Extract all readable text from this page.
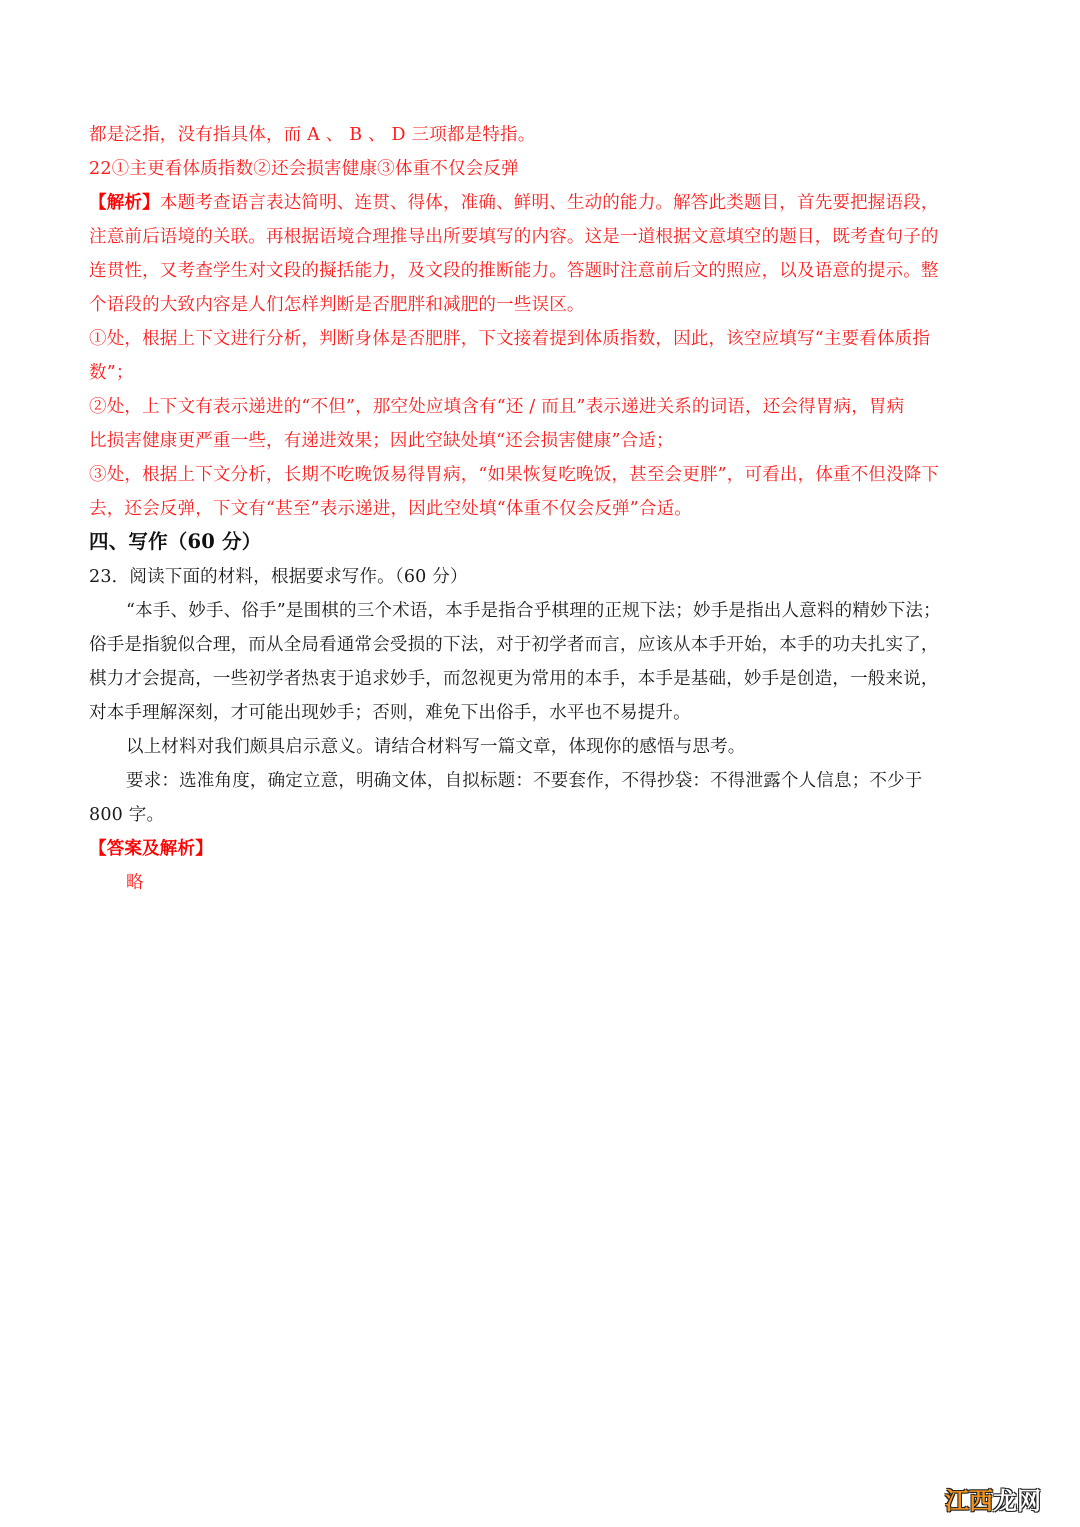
都是泛指，没有指具体，而 A 、 B 、 D 三项都是特指。
22①主更看体质指数②还会损害健康③体重不仅会反弹
【解析】本题考查语言表达简明、连贯、得体，准确、鲜明、生动的能力。解答此类题目，首先要把握语段，
注意前后语境的关联。再根据语境合理推导出所要填写的内容。这是一道根据文意填空的题目，既考查句子的
连贯性，又考查学生对文段的擬括能力，及文段的推断能力。答题时注意前后文的照应，以及语意的提示。整
个语段的大致内容是人们怎样判断是否肥胖和减肥的一些误区。
①处，根据上下文进行分析，判断身体是否肥胖，下文接着提到体质指数，因此，该空应填写“主要看体质指
数”；
②处，上下文有表示递进的“不但”，那空处应填含有“还 / 而且”表示递进关系的词语，还会得胃病，胃病
比损害健康更严重一些，有递进效果；因此空缺处填“还会损害健康”合适；
③处，根据上下文分析，长期不吃晚饭易得胃病，“如果恢复吃晚饭，甚至会更胖”，可看出，体重不但没降下
去，还会反弹，下文有“甚至”表示递进，因此空处填“体重不仅会反弹”合适。
四、写作（60 分）
23．阅读下面的材料，根据要求写作。（60 分）
“本手、妙手、俗手”是围棋的三个术语，本手是指合乎棋理的正规下法；妙手是指出人意料的精妙下法；
俗手是指貌似合理，而从全局看通常会受损的下法，对于初学者而言，应该从本手开始，本手的功夫扎实了，
棋力才会提高，一些初学者热衷于追求妙手，而忽视更为常用的本手，本手是基础，妙手是创造，一般来说，
对本手理解深刻，才可能出现妙手；否则，难免下出俗手，水平也不易提升。
以上材料对我们颇具启示意义。请结合材料写一篇文章，体现你的感悟与思考。
要求：选准角度，确定立意，明确文体，自拟标题：不要套作，不得抄袋：不得泄露个人信息；不少于
800 字。
【答案及解析】
略
江西 龙网
